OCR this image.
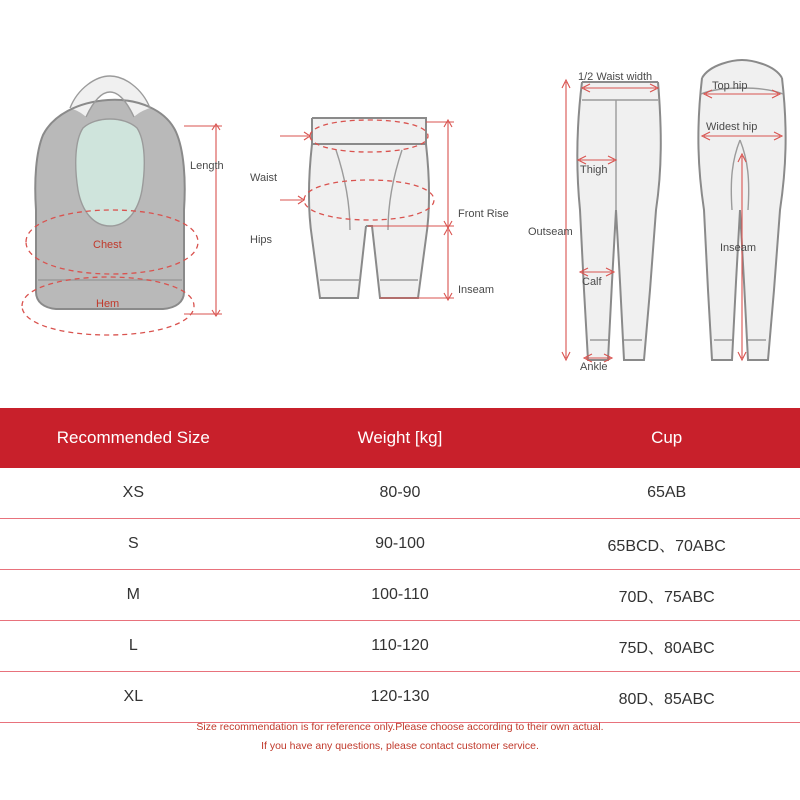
Length
Chest
Hem
Waist
Hips
Front Rise
Inseam
1/2 Waist width
Thigh
Outseam
Calf
Ankle
Top hip
Widest hip
Inseam
Recommended Size	Weight [kg]	Cup
XS	80-90	65AB
S	90-100	65BCD、70ABC
M	100-110	70D、75ABC
L	110-120	75D、80ABC
XL	120-130	80D、85ABC
Size recommendation is for reference only.Please choose according to their own actual.
If you have any questions, please contact customer service.
